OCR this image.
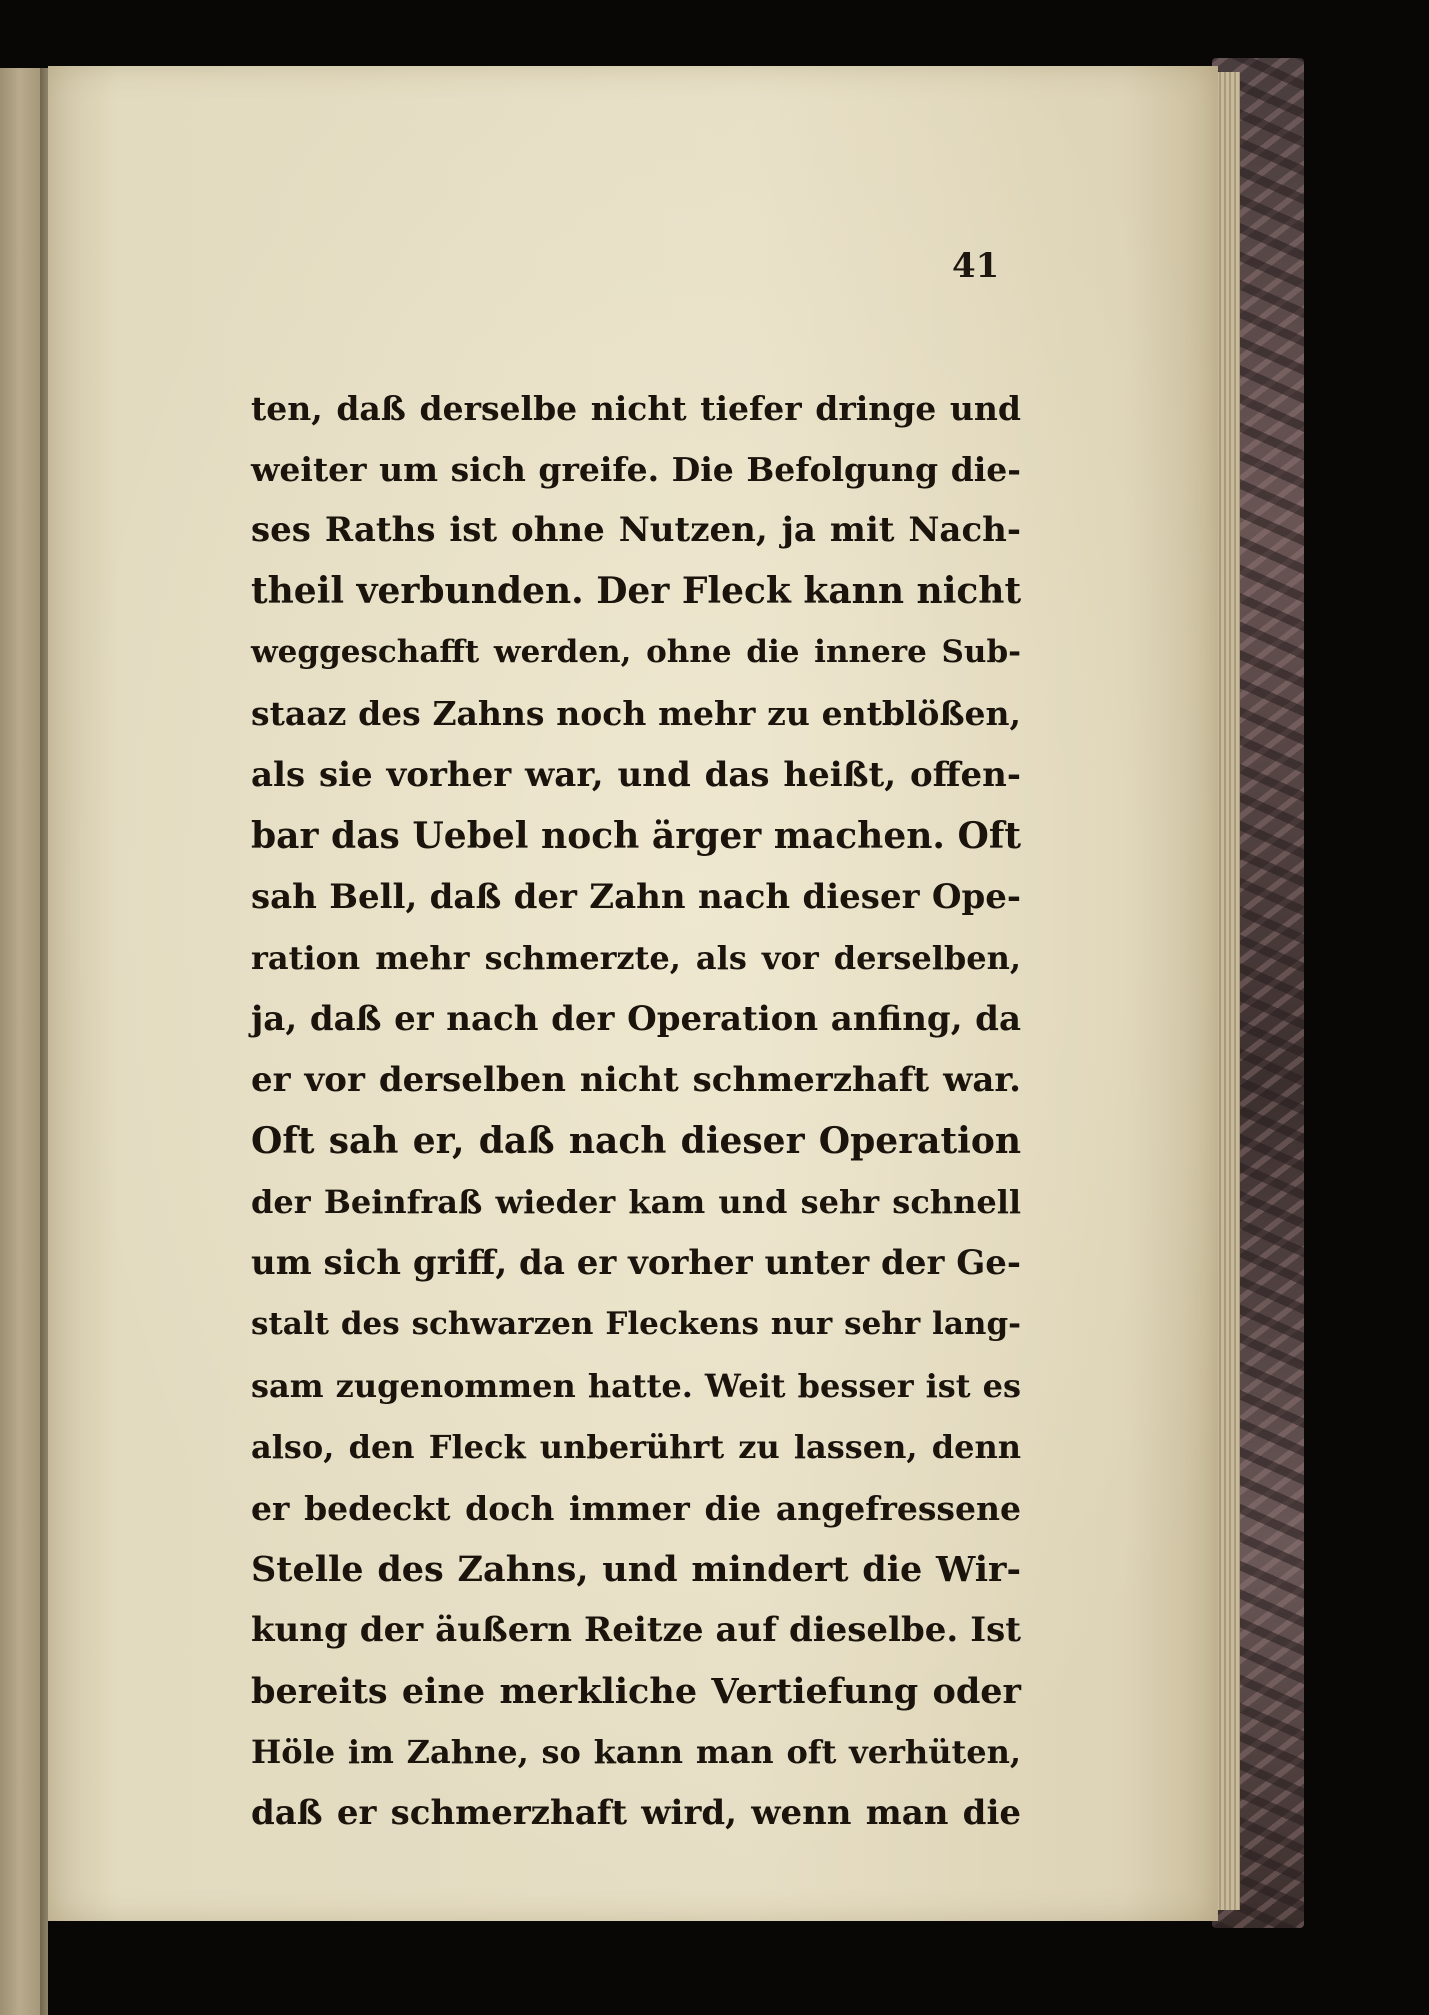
41

ten, daß derselbe nicht tiefer dringe und
weiter um sich greife. Die Befolgung die-
ses Raths ist ohne Nutzen, ja mit Nach-
theil verbunden. Der Fleck kann nicht
weggeschafft werden, ohne die innere Sub-
staaz des Zahns noch mehr zu entblößen,
als sie vorher war, und das heißt, offen-
bar das Uebel noch ärger machen. Oft
sah Bell, daß der Zahn nach dieser Ope-
ration mehr schmerzte, als vor derselben,
ja, daß er nach der Operation anfing, da
er vor derselben nicht schmerzhaft war.
Oft sah er, daß nach dieser Operation
der Beinfraß wieder kam und sehr schnell
um sich griff, da er vorher unter der Ge-
stalt des schwarzen Fleckens nur sehr lang-
sam zugenommen hatte. Weit besser ist es
also, den Fleck unberührt zu lassen, denn
er bedeckt doch immer die angefressene
Stelle des Zahns, und mindert die Wir-
kung der äußern Reitze auf dieselbe. Ist
bereits eine merkliche Vertiefung oder
Höle im Zahne, so kann man oft verhüten,
daß er schmerzhaft wird, wenn man die
